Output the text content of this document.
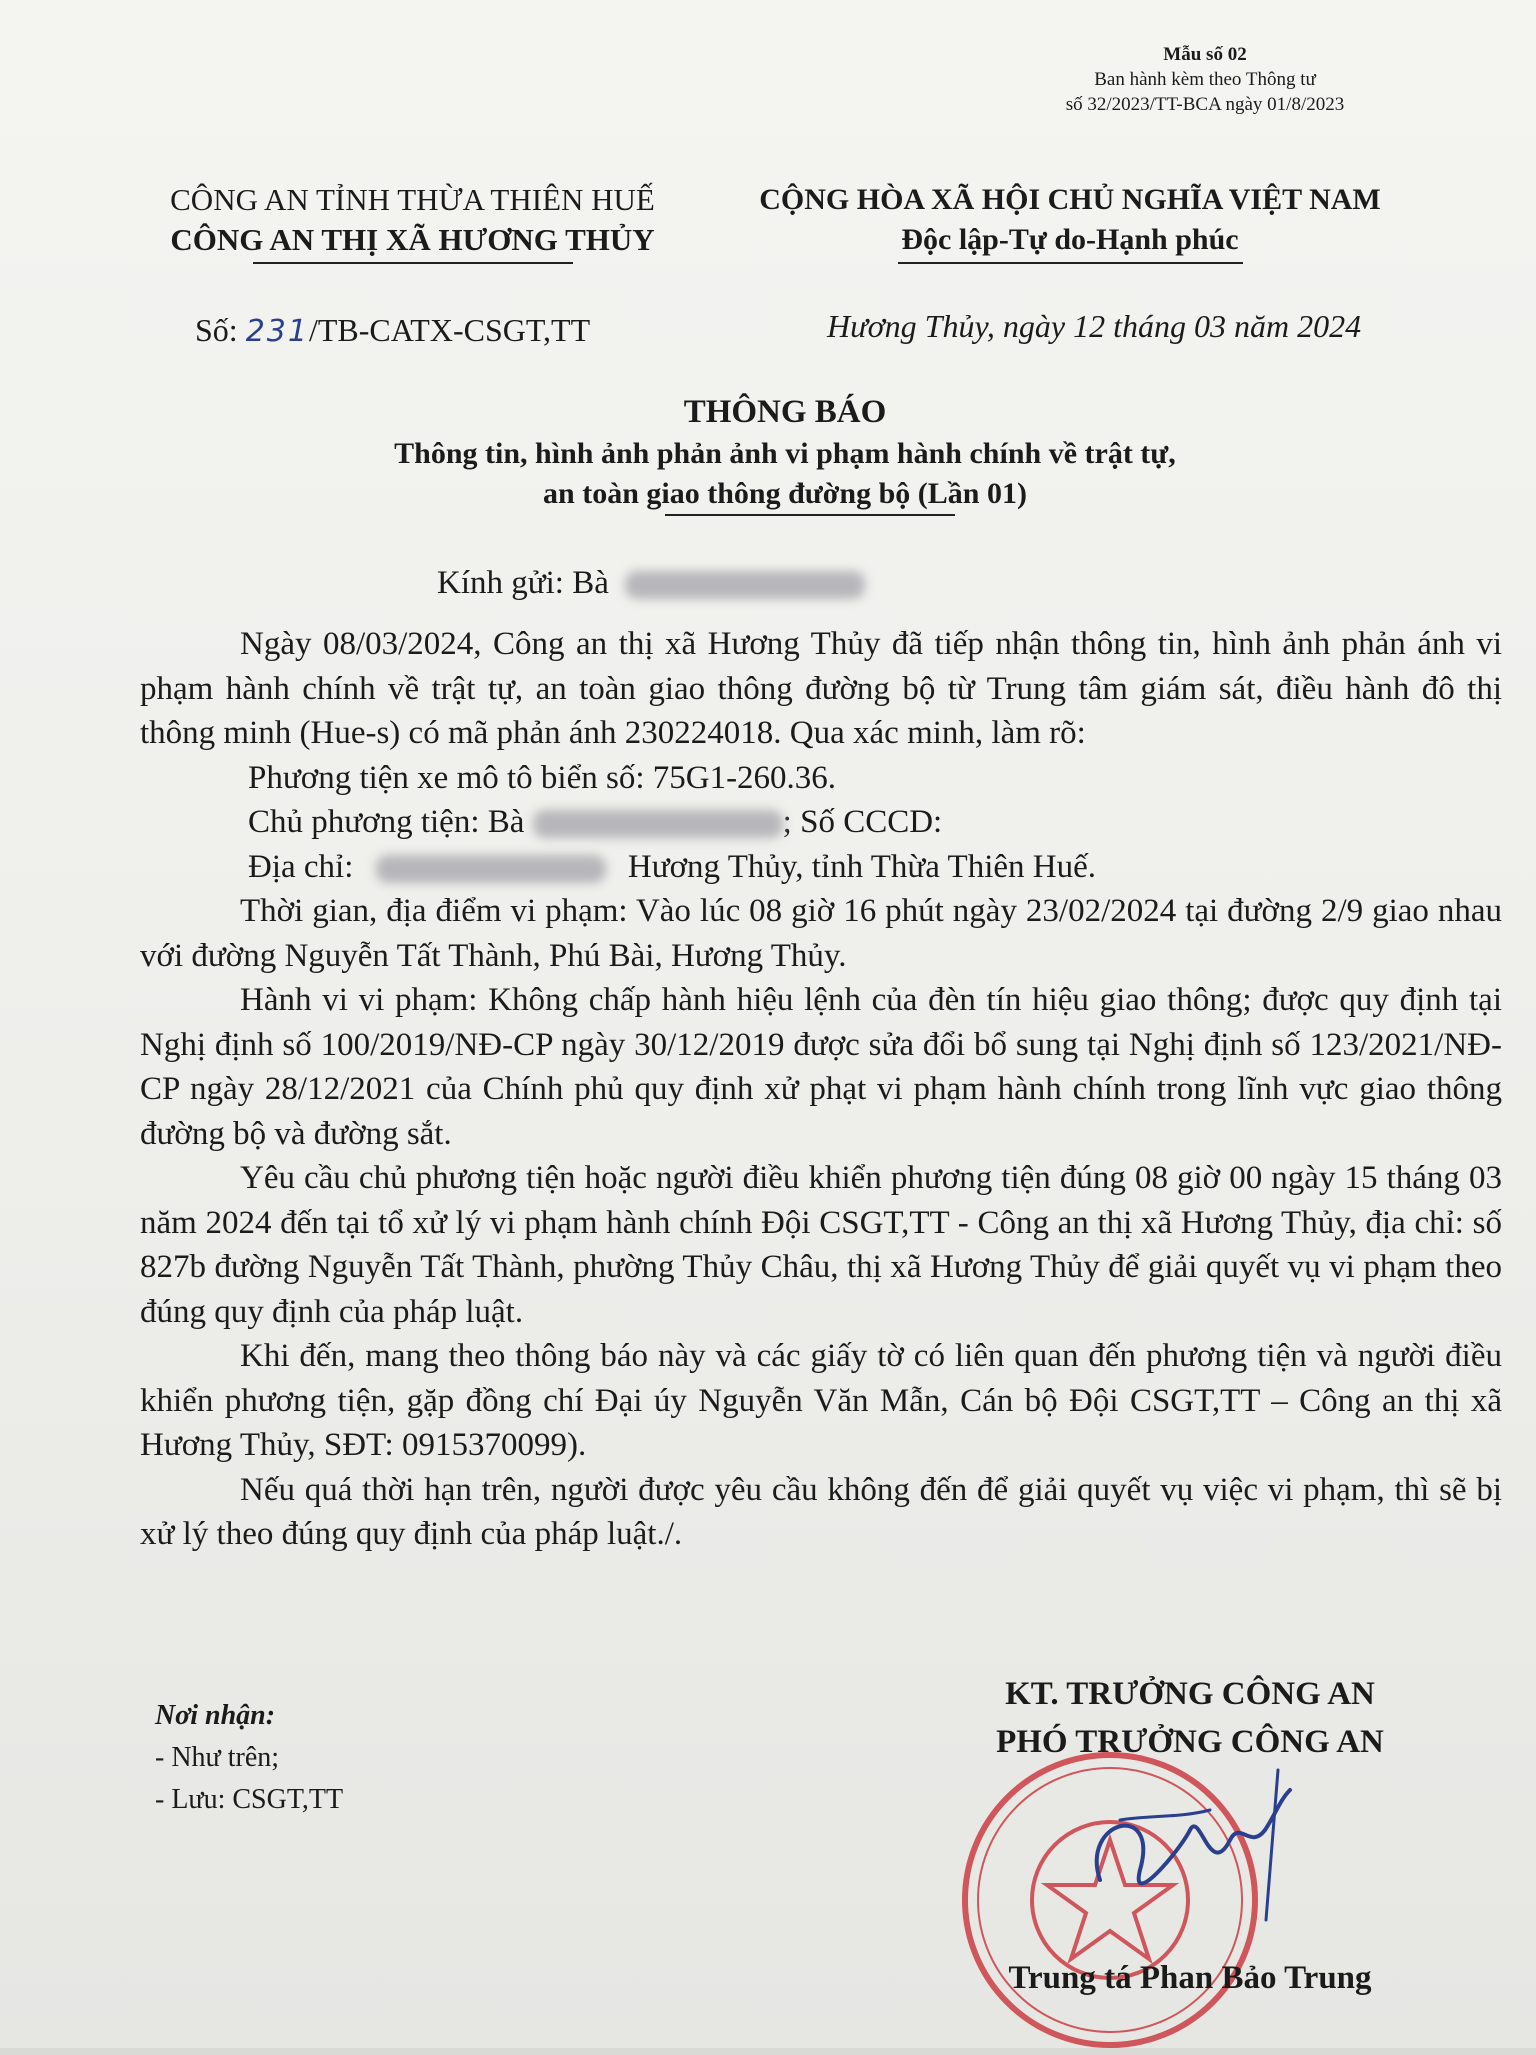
Mẫu số 02
Ban hành kèm theo Thông tư
số 32/2023/TT-BCA ngày 01/8/2023
CÔNG AN TỈNH THỪA THIÊN HUẾ
CÔNG AN THỊ XÃ HƯƠNG THỦY
CỘNG HÒA XÃ HỘI CHỦ NGHĨA VIỆT NAM
Độc lập-Tự do-Hạnh phúc
Số: 231/TB-CATX-CSGT,TT	Hương Thủy, ngày 12 tháng 03 năm 2024
THÔNG BÁO
Thông tin, hình ảnh phản ảnh vi phạm hành chính về trật tự,
an toàn giao thông đường bộ (Lần 01)
Kính gửi: Bà

Ngày 08/03/2024, Công an thị xã Hương Thủy đã tiếp nhận thông tin, hình ảnh phản ánh vi phạm hành chính về trật tự, an toàn giao thông đường bộ từ Trung tâm giám sát, điều hành đô thị thông minh (Hue-s) có mã phản ánh 230224018. Qua xác minh, làm rõ:

Phương tiện xe mô tô biển số: 75G1-260.36.

Chủ phương tiện: Bà	; Số CCCD:

Địa chỉ:	Hương Thủy, tỉnh Thừa Thiên Huế.

Thời gian, địa điểm vi phạm: Vào lúc 08 giờ 16 phút ngày 23/02/2024 tại đường 2/9 giao nhau với đường Nguyễn Tất Thành, Phú Bài, Hương Thủy.

Hành vi vi phạm: Không chấp hành hiệu lệnh của đèn tín hiệu giao thông; được quy định tại Nghị định số 100/2019/NĐ-CP ngày 30/12/2019 được sửa đổi bổ sung tại Nghị định số 123/2021/NĐ-CP ngày 28/12/2021 của Chính phủ quy định xử phạt vi phạm hành chính trong lĩnh vực giao thông đường bộ và đường sắt.

Yêu cầu chủ phương tiện hoặc người điều khiển phương tiện đúng 08 giờ 00 ngày 15 tháng 03 năm 2024 đến tại tổ xử lý vi phạm hành chính Đội CSGT,TT - Công an thị xã Hương Thủy, địa chỉ: số 827b đường Nguyễn Tất Thành, phường Thủy Châu, thị xã Hương Thủy để giải quyết vụ vi phạm theo đúng quy định của pháp luật.

Khi đến, mang theo thông báo này và các giấy tờ có liên quan đến phương tiện và người điều khiển phương tiện, gặp đồng chí Đại úy Nguyễn Văn Mẫn, Cán bộ Đội CSGT,TT – Công an thị xã Hương Thủy, SĐT: 0915370099).

Nếu quá thời hạn trên, người được yêu cầu không đến để giải quyết vụ việc vi phạm, thì sẽ bị xử lý theo đúng quy định của pháp luật./.

Nơi nhận:
- Như trên;
- Lưu: CSGT,TT
KT. TRƯỞNG CÔNG AN
PHÓ TRƯỞNG CÔNG AN
Trung tá Phan Bảo Trung
